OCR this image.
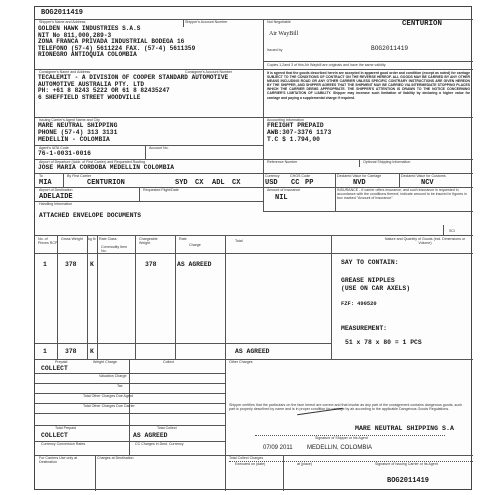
BOG2011419
Shipper's Name and Address	Shipper's Account Number
GOLDEN HAWK INDUSTRIES S.A.S
NIT No 811,000,289-3
ZONA FRANCA PRIVADA INDUSTRIAL BODEGA 16
TELEFONO (57-4) 5611224 FAX. (57-4) 5611359
RIONEGRO ANTIOQUIA COLOMBIA
Not Negotiable	CENTURION
Air WayBill
Issued by	BOG2011419
Copies 1,2and 3 of this Air Waybill are originals and have the same validity.
Consignee's Name and Address	Consignee's Account Number
TECALEMIT - A DIVISION OF COOPER STANDARD AUTOMOTIVE
AUTOMOTIVE AUSTRALIA PTY. LTD
PH: +61 8 8243 5222 OR 61 8 82435247
6 SHEFFIELD STREET WOODVILLE
It is agreed that the goods described herein are accepted in apparent good order and condition (except as noted) for carriage SUBJECT TO THE CONDITIONS OF CONTRACT ON THE REVERSE HEREOF. ALL GOODS MAY BE CARRIED BY ANY OTHER MEANS INCLUDING ROAD OR ANY OTHER CARRIER UNLESS SPECIFIC CONTRARY INSTRUCTIONS ARE GIVEN HEREON BY THE SHIPPER, AND SHIPPER AGREES THAT THE SHIPMENT MAY BE CARRIED VIA INTERMEDIATE STOPPING PLACES WHICH THE CARRIER DEEMS APPROPRIATE. THE SHIPPER'S ATTENTION IS DRAWN TO THE NOTICE CONCERNING CARRIER'S LIMITATION OF LIABILITY. Shipper may increase such limitation of liability by declaring a higher value for carriage and paying a supplemental charge if required.
Issuing Carrier's Agent Name and City
MARE NEUTRAL SHIPPING
PHONE (57-4) 313 3131
MEDELLIN - COLOMBIA
Agent's IATA Code	Account No.
76-1-0031-0016
Accounting Information
FREIGHT PREPAID
AWB:307-3376 1173
T.C $ 1.794,00
Airport of Departure (Addr. of First Carrier) and Requested Routing	Reference Number	Optional Shipping Information
JOSE MARIA CORDOBA MEDELLIN COLOMBIA
To	By First Carrier
MIA	CENTURION	SYD CX ADL CX
Currency
USD
CHGS Code
CC PP
Declared Value for Carriage
NVD
Declared Value for Customs
NCV
Airport of Destination
ADELAIDE
Requested Flight/Date	Amount of Insurance
NIL
INSURANCE - If carrier offers insurance, and such insurance is requested in accordance with the conditions thereof, indicate amount to be insured in figures in box marked "Amount of Insurance"
Handling Information
ATTACHED ENVELOPE DOCUMENTS
SCI
No. of Pieces RCP
Gross Weight	kg lb Rate Class
Commodity Item No.
Chargeable Weight
Rate
Charge
Total	Nature and Quantity of Goods (incl. Dimensions or Volume)
1	378 K	378	AS AGREED	SAY TO CONTAIN:
GREASE NIPPLES
(USE ON CAR AXELS)
FZF: 490520
MEASUREMENT:
51 x 78 x 80 = 1 PCS
1	378 K	AS AGREED
Prepaid	Weight Charge	Collect	Other Charges
COLLECT
Valuation Charge
Tax
Total Other Charges Due Agent
Total Other Charges Due Carrier
Total Prepaid	Total Collect
COLLECT	AS AGREED
Currency Conversion Rates	CC Charges in Dest. Currency
For Carriers Use only at Destination
Charges at Destination	Total Collect Charges
Shipper certifies that the particulars on the face hereof are correct and that insofar as any part of the consignment contains dangerous goods, such part is properly described by name and is in proper condition for carriage by air according to the applicable Dangerous Goods Regulations.
MARE NEUTRAL SHIPPING S.A
Signature of Shipper or his Agent
07/09 2011 MEDELLIN, COLOMBIA
Executed on (date)	at (place)	Signature of Issuing Carrier or its Agent
BOG2011419
